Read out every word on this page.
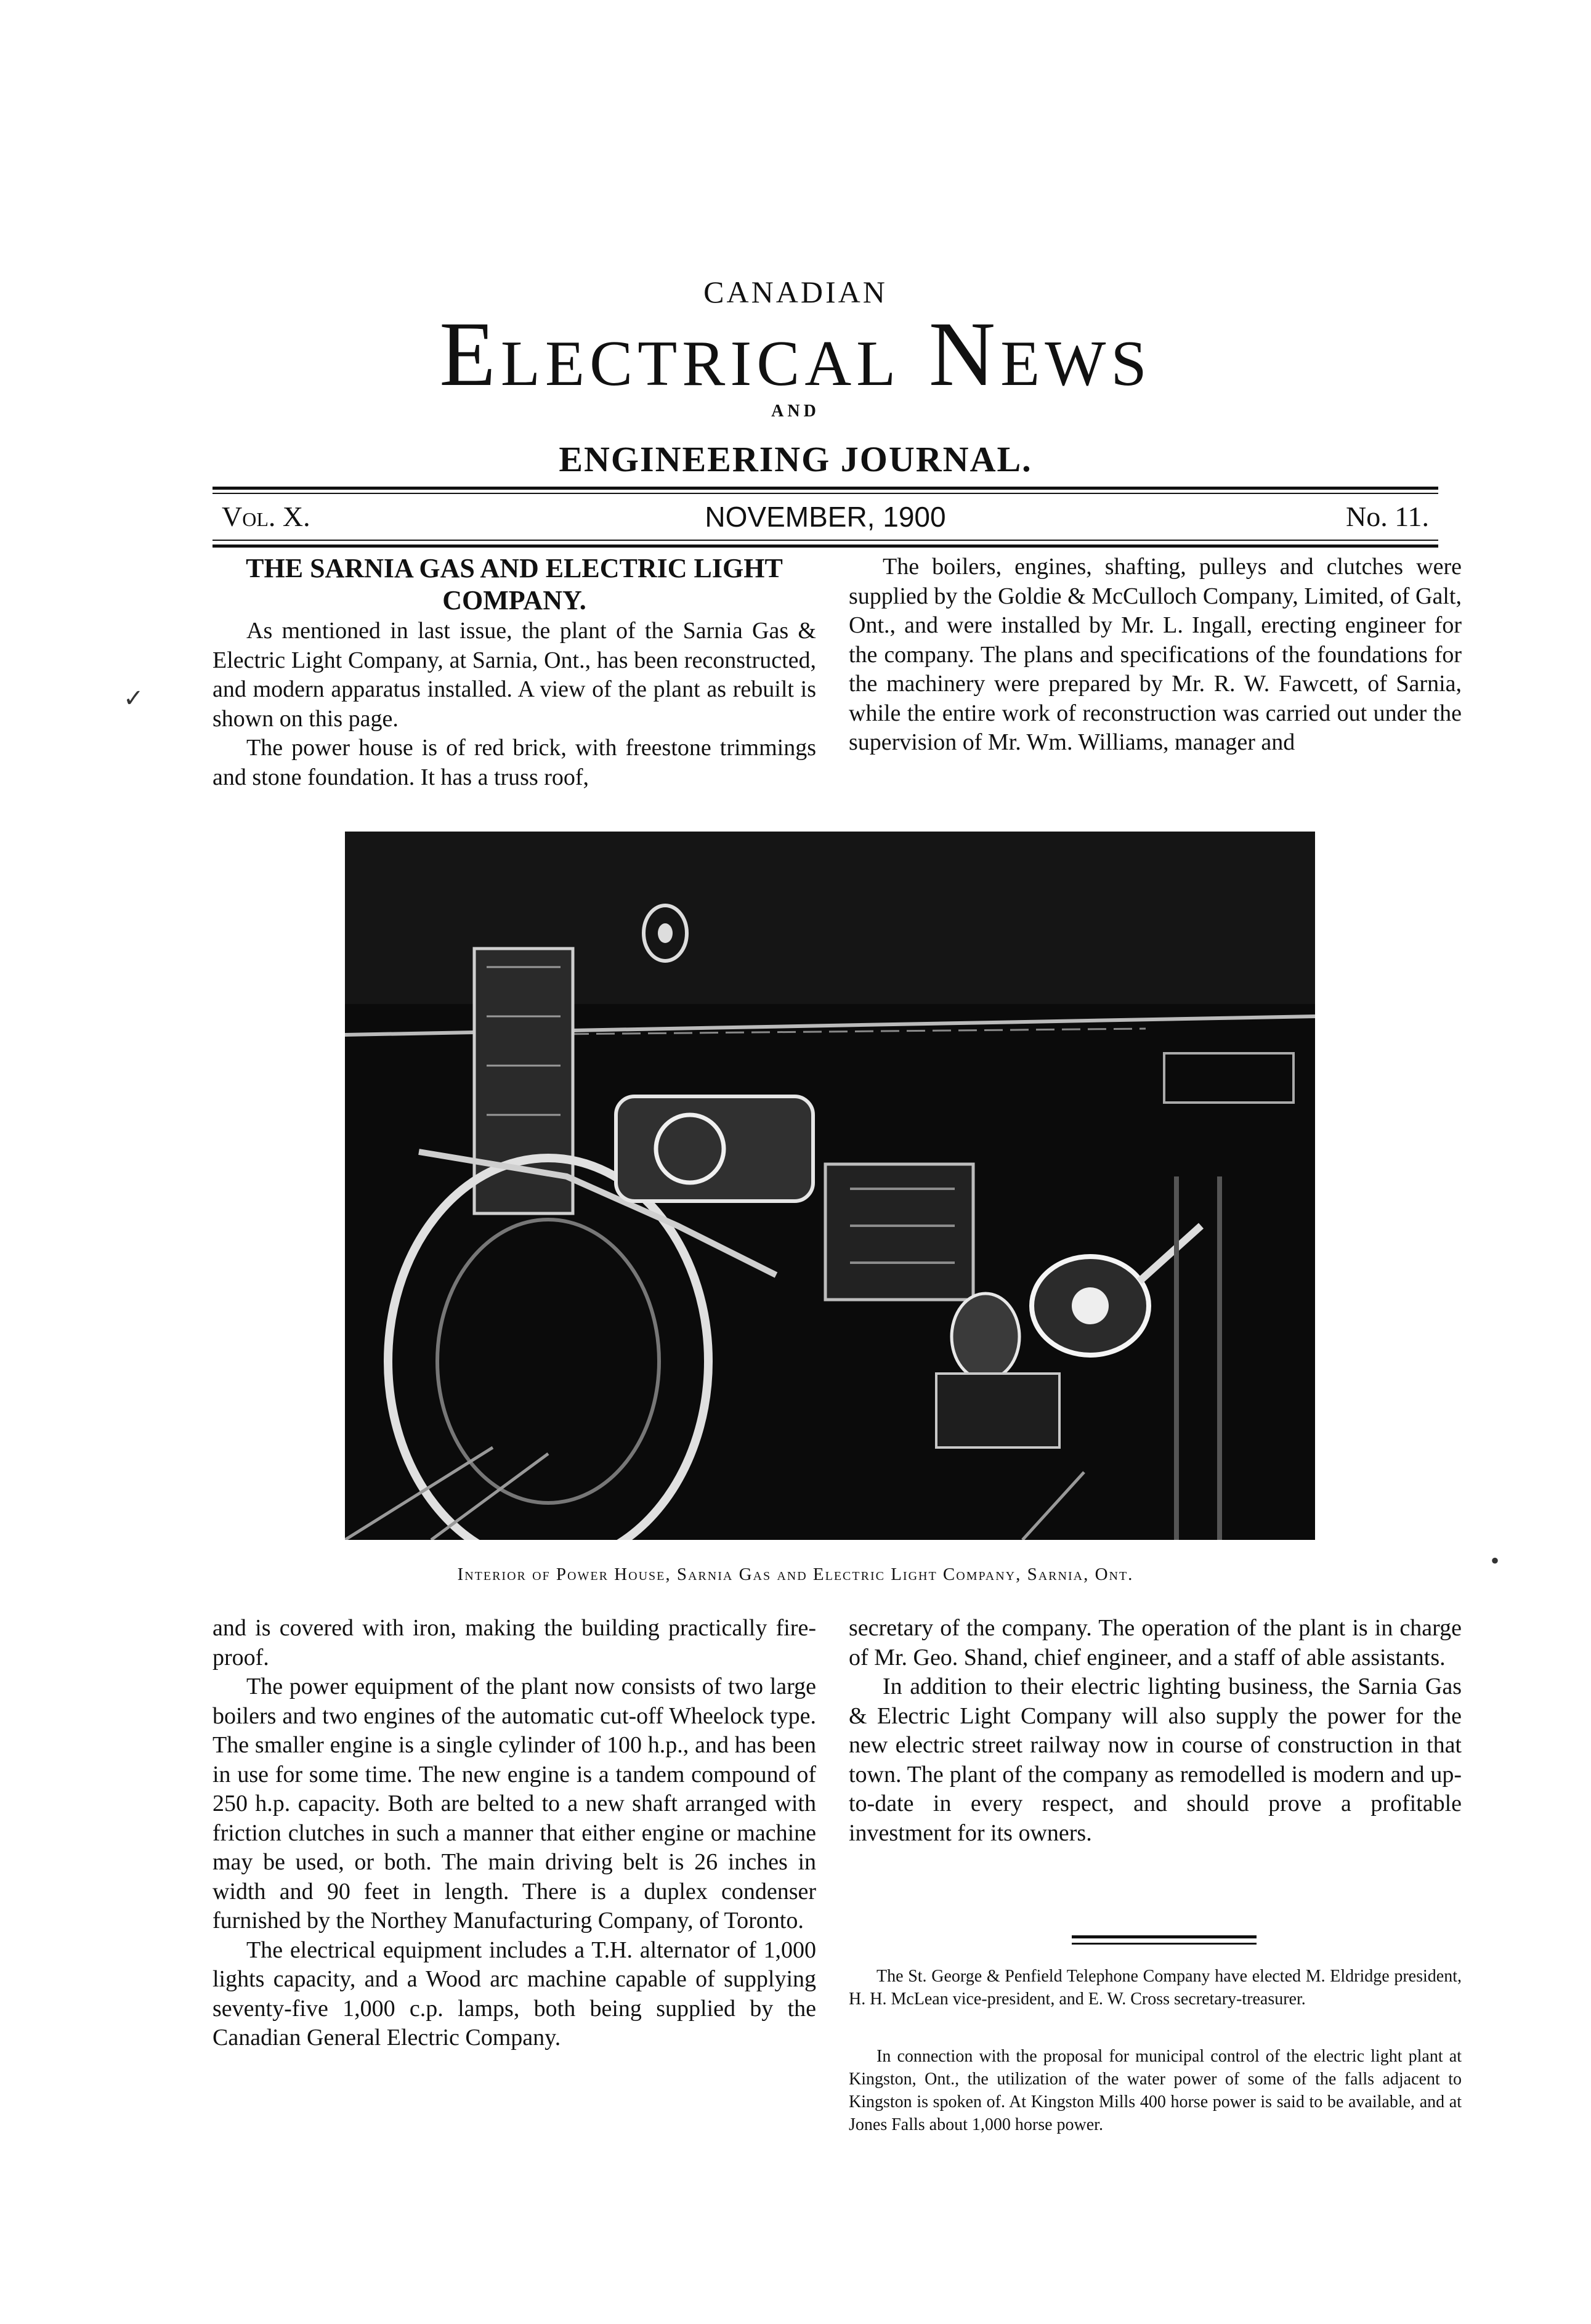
CANADIAN
Electrical News
AND
ENGINEERING JOURNAL.
Vol. X.	NOVEMBER, 1900	No. 11.

THE SARNIA GAS AND ELECTRIC LIGHT COMPANY.

As mentioned in last issue, the plant of the Sarnia Gas & Electric Light Company, at Sarnia, Ont., has been reconstructed, and modern apparatus installed. A view of the plant as rebuilt is shown on this page.

The power house is of red brick, with freestone trimmings and stone foundation. It has a truss roof,

The boilers, engines, shafting, pulleys and clutches were supplied by the Goldie & McCulloch Company, Limited, of Galt, Ont., and were installed by Mr. L. Ingall, erecting engineer for the company. The plans and specifications of the foundations for the machinery were prepared by Mr. R. W. Fawcett, of Sarnia, while the entire work of reconstruction was carried out under the supervision of Mr. Wm. Williams, manager and

Interior of Power House, Sarnia Gas and Electric Light Company, Sarnia, Ont.

and is covered with iron, making the building practically fire-proof.

The power equipment of the plant now consists of two large boilers and two engines of the automatic cut-off Wheelock type. The smaller engine is a single cylinder of 100 h.p., and has been in use for some time. The new engine is a tandem compound of 250 h.p. capacity. Both are belted to a new shaft arranged with friction clutches in such a manner that either engine or machine may be used, or both. The main driving belt is 26 inches in width and 90 feet in length. There is a duplex condenser furnished by the Northey Manufacturing Company, of Toronto.

The electrical equipment includes a T.H. alternator of 1,000 lights capacity, and a Wood arc machine capable of supplying seventy-five 1,000 c.p. lamps, both being supplied by the Canadian General Electric Company.

secretary of the company. The operation of the plant is in charge of Mr. Geo. Shand, chief engineer, and a staff of able assistants.

In addition to their electric lighting business, the Sarnia Gas & Electric Light Company will also supply the power for the new electric street railway now in course of construction in that town. The plant of the company as remodelled is modern and up-to-date in every respect, and should prove a profitable investment for its owners.

The St. George & Penfield Telephone Company have elected M. Eldridge president, H. H. McLean vice-president, and E. W. Cross secretary-treasurer.

In connection with the proposal for municipal control of the electric light plant at Kingston, Ont., the utilization of the water power of some of the falls adjacent to Kingston is spoken of. At Kingston Mills 400 horse power is said to be available, and at Jones Falls about 1,000 horse power.

✓
•
